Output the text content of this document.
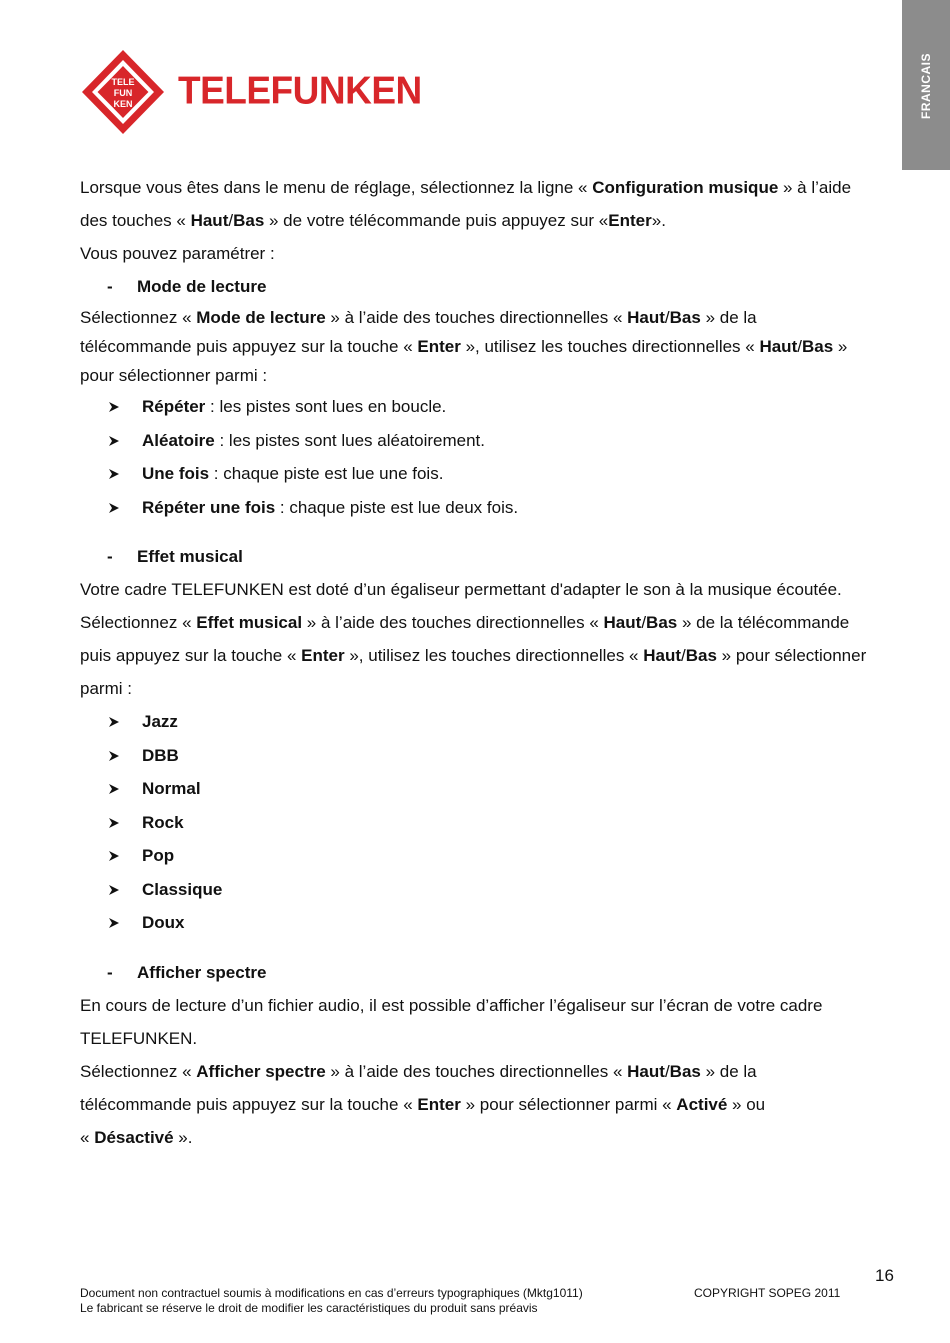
FRANCAIS
TELE
FUN
KEN TELEFUNKEN

Lorsque vous êtes dans le menu de réglage, sélectionnez la ligne « Configuration musique » à l’aide

des touches « Haut/Bas » de votre télécommande puis appuyez sur «Enter».

Vous pouvez paramétrer :

- Mode de lecture

Sélectionnez « Mode de lecture » à l’aide des touches directionnelles « Haut/Bas » de la

télécommande puis appuyez sur la touche « Enter », utilisez les touches directionnelles « Haut/Bas »

pour sélectionner parmi :

Répéter : les pistes sont lues en boucle.
Aléatoire : les pistes sont lues aléatoirement.
Une fois : chaque piste est lue une fois.
Répéter une fois : chaque piste est lue deux fois.

- Effet musical

Votre cadre TELEFUNKEN est doté d’un égaliseur permettant d'adapter le son à la musique écoutée.

Sélectionnez « Effet musical » à l’aide des touches directionnelles « Haut/Bas » de la télécommande

puis appuyez sur la touche « Enter », utilisez les touches directionnelles « Haut/Bas » pour sélectionner

parmi :

Jazz
DBB
Normal
Rock
Pop
Classique
Doux

- Afficher spectre

En cours de lecture d’un fichier audio, il est possible d’afficher l’égaliseur sur l’écran de votre cadre

TELEFUNKEN.

Sélectionnez « Afficher spectre » à l’aide des touches directionnelles « Haut/Bas » de la

télécommande puis appuyez sur la touche « Enter » pour sélectionner parmi « Activé » ou

« Désactivé ».

16
Document non contractuel soumis à modifications en cas d’erreurs typographiques (Mktg1011)
Le fabricant se réserve le droit de modifier les caractéristiques du produit sans préavis
COPYRIGHT SOPEG 2011
